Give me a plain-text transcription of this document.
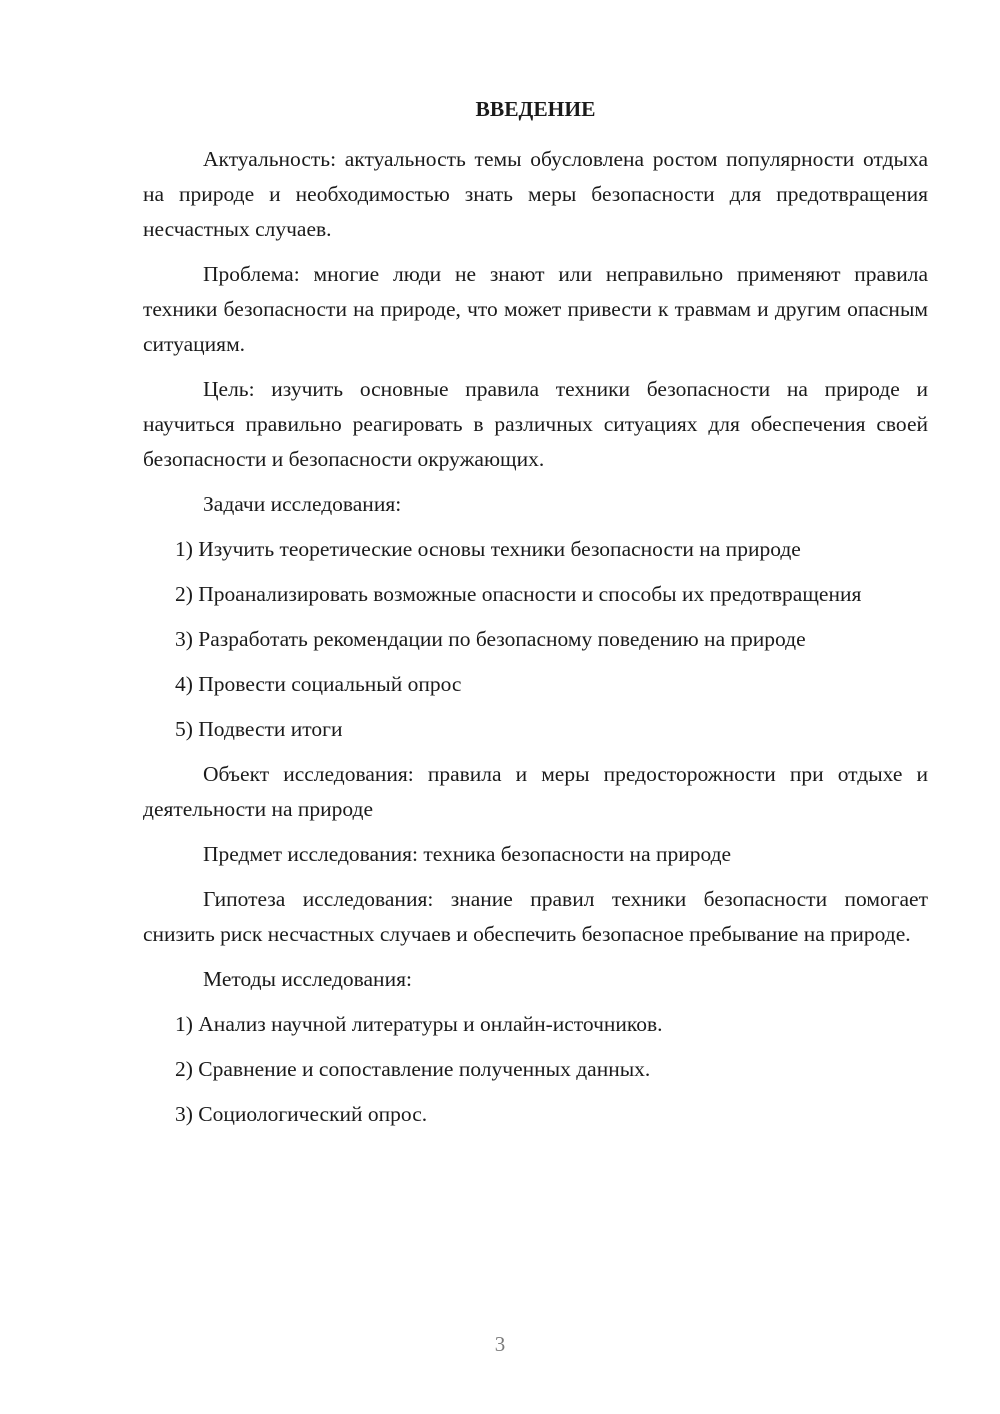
ВВЕДЕНИЕ

Актуальность: актуальность темы обусловлена ростом популярности отдыха на природе и необходимостью знать меры безопасности для предотвращения несчастных случаев.

Проблема: многие люди не знают или неправильно применяют правила техники безопасности на природе, что может привести к травмам и другим опасным ситуациям.

Цель: изучить основные правила техники безопасности на природе и научиться правильно реагировать в различных ситуациях для обеспечения своей безопасности и безопасности окружающих.

Задачи исследования:

1) Изучить теоретические основы техники безопасности на природе

2) Проанализировать возможные опасности и способы их предотвращения

3) Разработать рекомендации по безопасному поведению на природе

4) Провести социальный опрос

5) Подвести итоги

Объект исследования: правила и меры предосторожности при отдыхе и деятельности на природе

Предмет исследования: техника безопасности на природе

Гипотеза исследования: знание правил техники безопасности помогает снизить риск несчастных случаев и обеспечить безопасное пребывание на природе.

Методы исследования:

1) Анализ научной литературы и онлайн-источников.

2) Сравнение и сопоставление полученных данных.

3) Социологический опрос.

3
